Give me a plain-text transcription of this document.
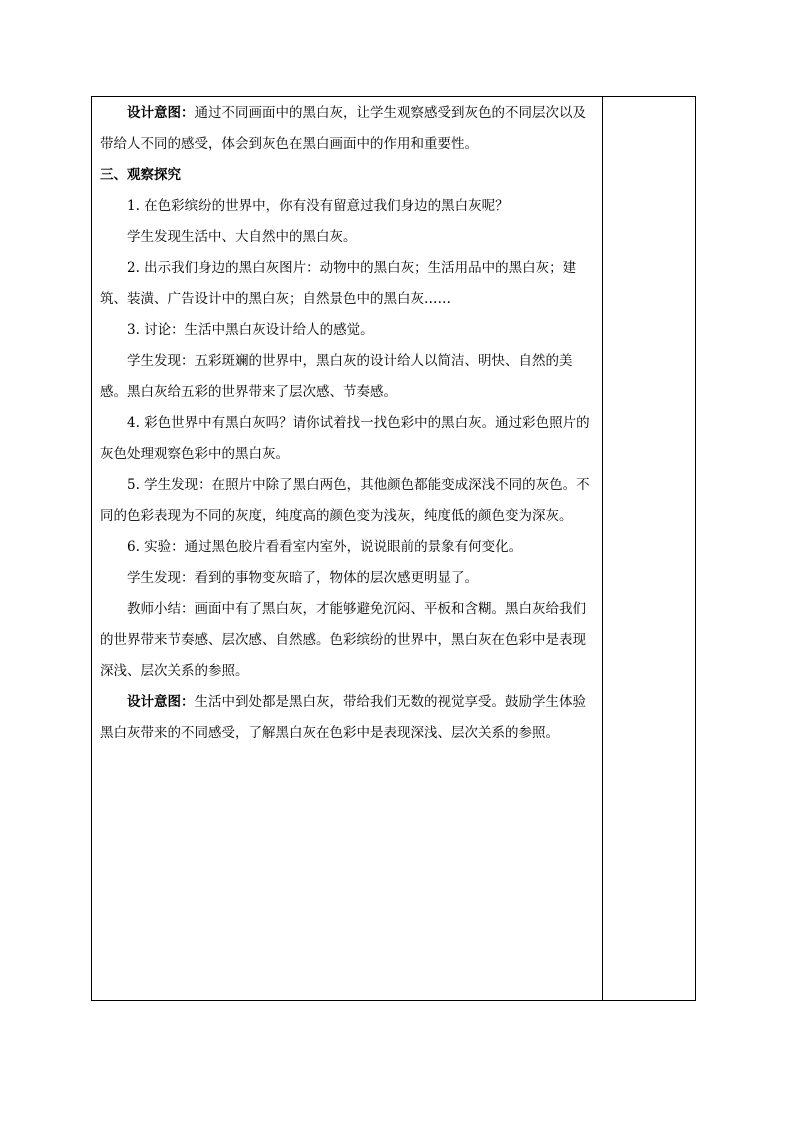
设计意图：通过不同画面中的黑白灰，让学生观察感受到灰色的不同层次以及带给人不同的感受，体会到灰色在黑白画面中的作用和重要性。

三、观察探究

1. 在色彩缤纷的世界中，你有没有留意过我们身边的黑白灰呢？

学生发现生活中、大自然中的黑白灰。

2. 出示我们身边的黑白灰图片：动物中的黑白灰；生活用品中的黑白灰；建筑、装潢、广告设计中的黑白灰；自然景色中的黑白灰……

3. 讨论：生活中黑白灰设计给人的感觉。

学生发现：五彩斑斓的世界中，黑白灰的设计给人以简洁、明快、自然的美感。黑白灰给五彩的世界带来了层次感、节奏感。

4. 彩色世界中有黑白灰吗？请你试着找一找色彩中的黑白灰。通过彩色照片的灰色处理观察色彩中的黑白灰。

5. 学生发现：在照片中除了黑白两色，其他颜色都能变成深浅不同的灰色。不同的色彩表现为不同的灰度，纯度高的颜色变为浅灰，纯度低的颜色变为深灰。

6. 实验：通过黑色胶片看看室内室外，说说眼前的景象有何变化。

学生发现：看到的事物变灰暗了，物体的层次感更明显了。

教师小结：画面中有了黑白灰，才能够避免沉闷、平板和含糊。黑白灰给我们的世界带来节奏感、层次感、自然感。色彩缤纷的世界中，黑白灰在色彩中是表现深浅、层次关系的参照。

设计意图：生活中到处都是黑白灰，带给我们无数的视觉享受。鼓励学生体验黑白灰带来的不同感受，了解黑白灰在色彩中是表现深浅、层次关系的参照。
